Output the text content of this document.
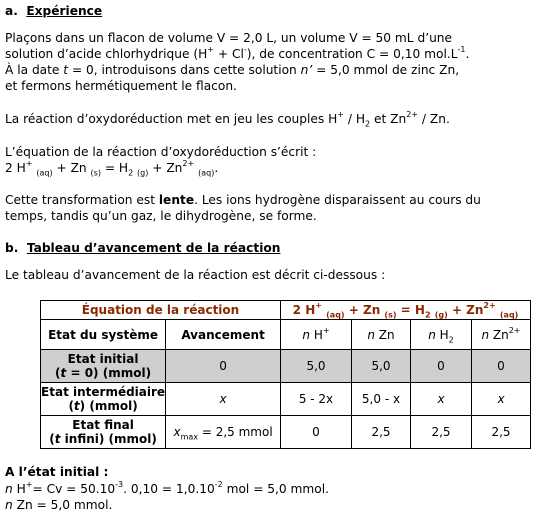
a. Expérience
Plaçons dans un flacon de volume V = 2,0 L, un volume V = 50 mL d’une
solution d’acide chlorhydrique (H+ + Cl-), de concentration C = 0,10 $mol.L^{-1}$.
À la date t = 0, introduisons dans cette solution n’ = 5,0 mmol de zinc Zn,
et fermons hermétiquement le flacon.
La réaction d’oxydoréduction met en jeu les couples $H^+ / H_2$ et $Zn^{2+}$ / Zn.
L’équation de la réaction d’oxydoréduction s’écrit :
2 H+ $_{(aq)}$ + Zn $_{(s)} = H_2$ $_{(g)} + Zn^{2+}$ $_{(aq)}$.
Cette transformation est lente. Les ions hydrogène disparaissent au cours du
temps, tandis qu’un gaz, le dihydrogène, se forme.
b. Tableau d’avancement de la réaction
Le tableau d’avancement de la réaction est décrit ci-dessous :
Équation de la réaction		2 H+ $_{(aq)}$ + Zn $_{(s)} = H_2$ $_{(g)} + Zn^{2+}$ $_{(aq)}$
Etat du système	Avancement	n H+	n Zn	n $H_2$	n $Zn^{2+}$
Etat initial
(t = 0) (mmol)	0	5,0	5,0	0	0
Etat intermédiaire
(t) (mmol)	x	5 - 2x	5,0 - x	x	x
Etat final
(t infini) (mmol)	$x_{max} = 2,5$ mmol	0	2,5	2,5	2,5
A l’état initial :
n $H^+= Cv = 50.10^{-3}$. $0,10 = 1,0.10^{-2}$ mol = 5,0 mmol.
n Zn = 5,0 mmol.
